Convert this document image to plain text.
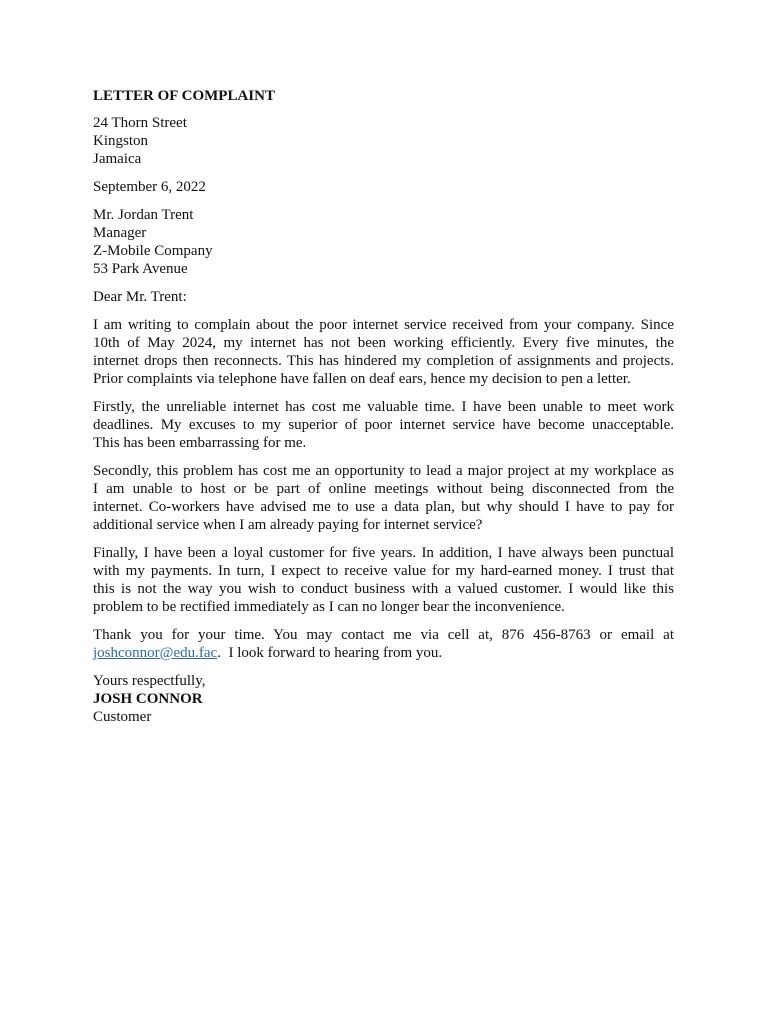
LETTER OF COMPLAINT
24 Thorn Street
Kingston
Jamaica
September 6, 2022
Mr. Jordan Trent
Manager
Z-Mobile Company
53 Park Avenue
Dear Mr. Trent:
I am writing to complain about the poor internet service received from your company. Since
10th of May 2024, my internet has not been working efficiently. Every five minutes, the
internet drops then reconnects. This has hindered my completion of assignments and projects.
Prior complaints via telephone have fallen on deaf ears, hence my decision to pen a letter.
Firstly, the unreliable internet has cost me valuable time. I have been unable to meet work
deadlines. My excuses to my superior of poor internet service have become unacceptable.
This has been embarrassing for me.
Secondly, this problem has cost me an opportunity to lead a major project at my workplace as
I am unable to host or be part of online meetings without being disconnected from the
internet. Co-workers have advised me to use a data plan, but why should I have to pay for
additional service when I am already paying for internet service?
Finally, I have been a loyal customer for five years. In addition, I have always been punctual
with my payments. In turn, I expect to receive value for my hard-earned money. I trust that
this is not the way you wish to conduct business with a valued customer. I would like this
problem to be rectified immediately as I can no longer bear the inconvenience.
Thank you for your time. You may contact me via cell at, 876 456-8763 or email at
joshconnor@edu.fac.  I look forward to hearing from you.
Yours respectfully,
JOSH CONNOR
Customer
